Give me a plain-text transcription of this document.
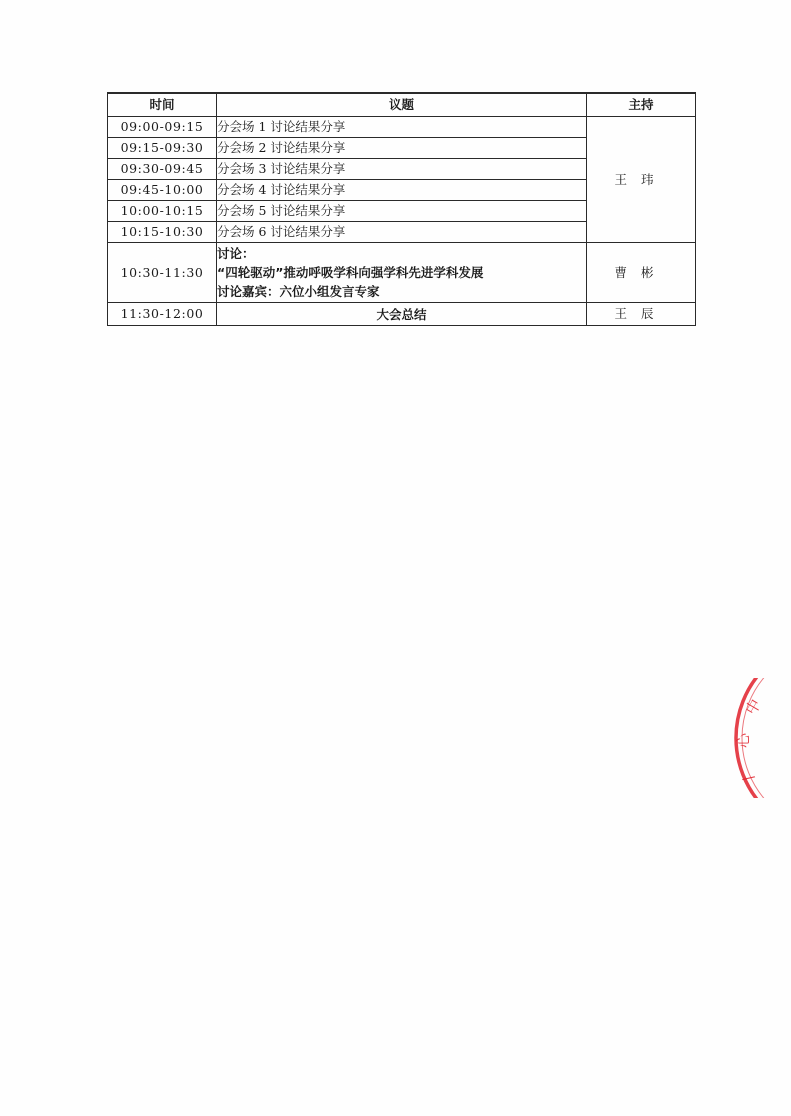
时间	议题	主持
09:00-09:15	分会场 1 讨论结果分享	王玮
09:15-09:30	分会场 2 讨论结果分享	
09:30-09:45	分会场 3 讨论结果分享	
09:45-10:00	分会场 4 讨论结果分享	
10:00-10:15	分会场 5 讨论结果分享	
10:15-10:30	分会场 6 讨论结果分享	
10:30-11:30	讨论：
“四轮驱动”推动呼吸学科向强学科先进学科发展
讨论嘉宾：六位小组发言专家	曹彬
11:30-12:00	大会总结	王辰
中
心
/
